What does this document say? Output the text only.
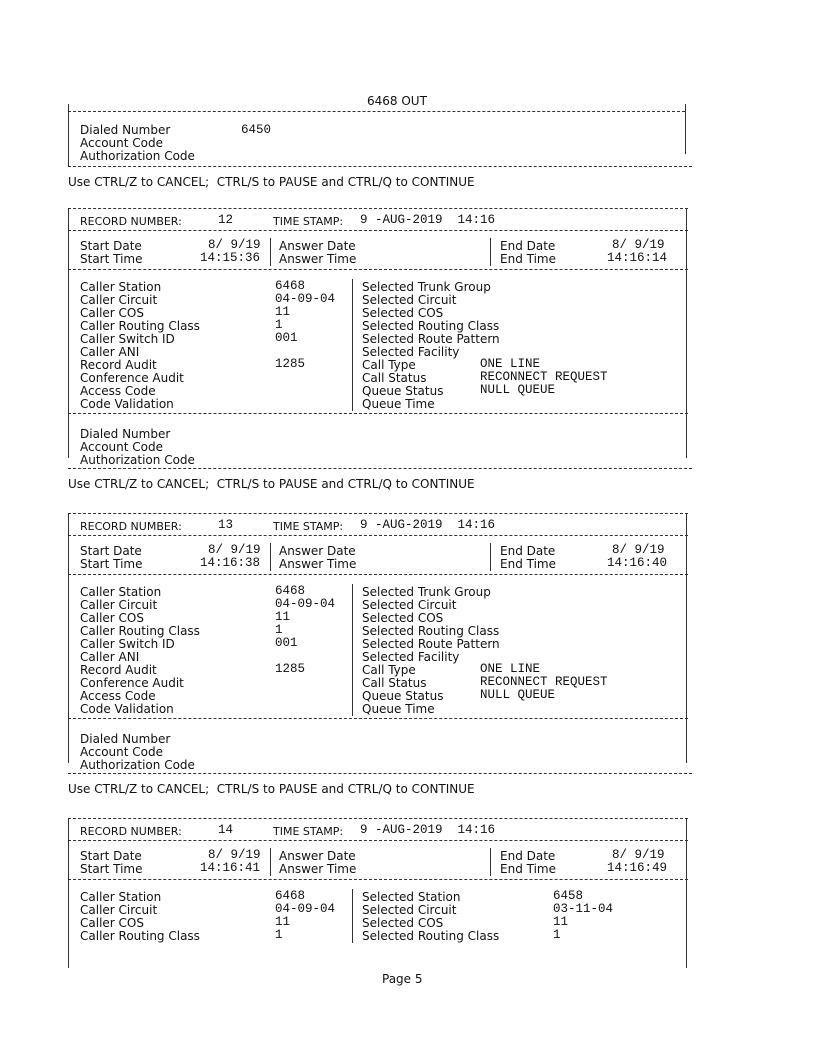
6468 OUT
Dialed Number	6450
Account Code
Authorization Code
Use CTRL/Z to CANCEL;  CTRL/S to PAUSE and CTRL/Q to CONTINUE
RECORD NUMBER:	12	TIME STAMP: 9 -AUG-2019  14:16
Start Date	8/ 9/19
Start Time	14:15:36
Answer Date
Answer Time
End Date	8/ 9/19
End Time	14:16:14
Caller Station	6468
Caller Circuit	04-09-04
Caller COS	11
Caller Routing Class	1
Caller Switch ID	001
Caller ANI
Record Audit	1285
Conference Audit
Access Code
Code Validation
Selected Trunk Group
Selected Circuit
Selected COS
Selected Routing Class
Selected Route Pattern
Selected Facility
Call Type	ONE LINE
Call Status	RECONNECT REQUEST
Queue Status	NULL QUEUE
Queue Time
Dialed Number
Account Code
Authorization Code
Use CTRL/Z to CANCEL;  CTRL/S to PAUSE and CTRL/Q to CONTINUE
RECORD NUMBER:	13	TIME STAMP: 9 -AUG-2019  14:16
Start Date	8/ 9/19
Start Time	14:16:38
Answer Date
Answer Time
End Date	8/ 9/19
End Time	14:16:40
Caller Station	6468
Caller Circuit	04-09-04
Caller COS	11
Caller Routing Class	1
Caller Switch ID	001
Caller ANI
Record Audit	1285
Conference Audit
Access Code
Code Validation
Selected Trunk Group
Selected Circuit
Selected COS
Selected Routing Class
Selected Route Pattern
Selected Facility
Call Type	ONE LINE
Call Status	RECONNECT REQUEST
Queue Status	NULL QUEUE
Queue Time
Dialed Number
Account Code
Authorization Code
Use CTRL/Z to CANCEL;  CTRL/S to PAUSE and CTRL/Q to CONTINUE
RECORD NUMBER:	14	TIME STAMP: 9 -AUG-2019  14:16
Start Date	8/ 9/19
Start Time	14:16:41
Answer Date
Answer Time
End Date	8/ 9/19
End Time	14:16:49
Caller Station	6468
Caller Circuit	04-09-04
Caller COS	11
Caller Routing Class	1
Selected Station	6458
Selected Circuit	03-11-04
Selected COS	11
Selected Routing Class	1
Page 5
